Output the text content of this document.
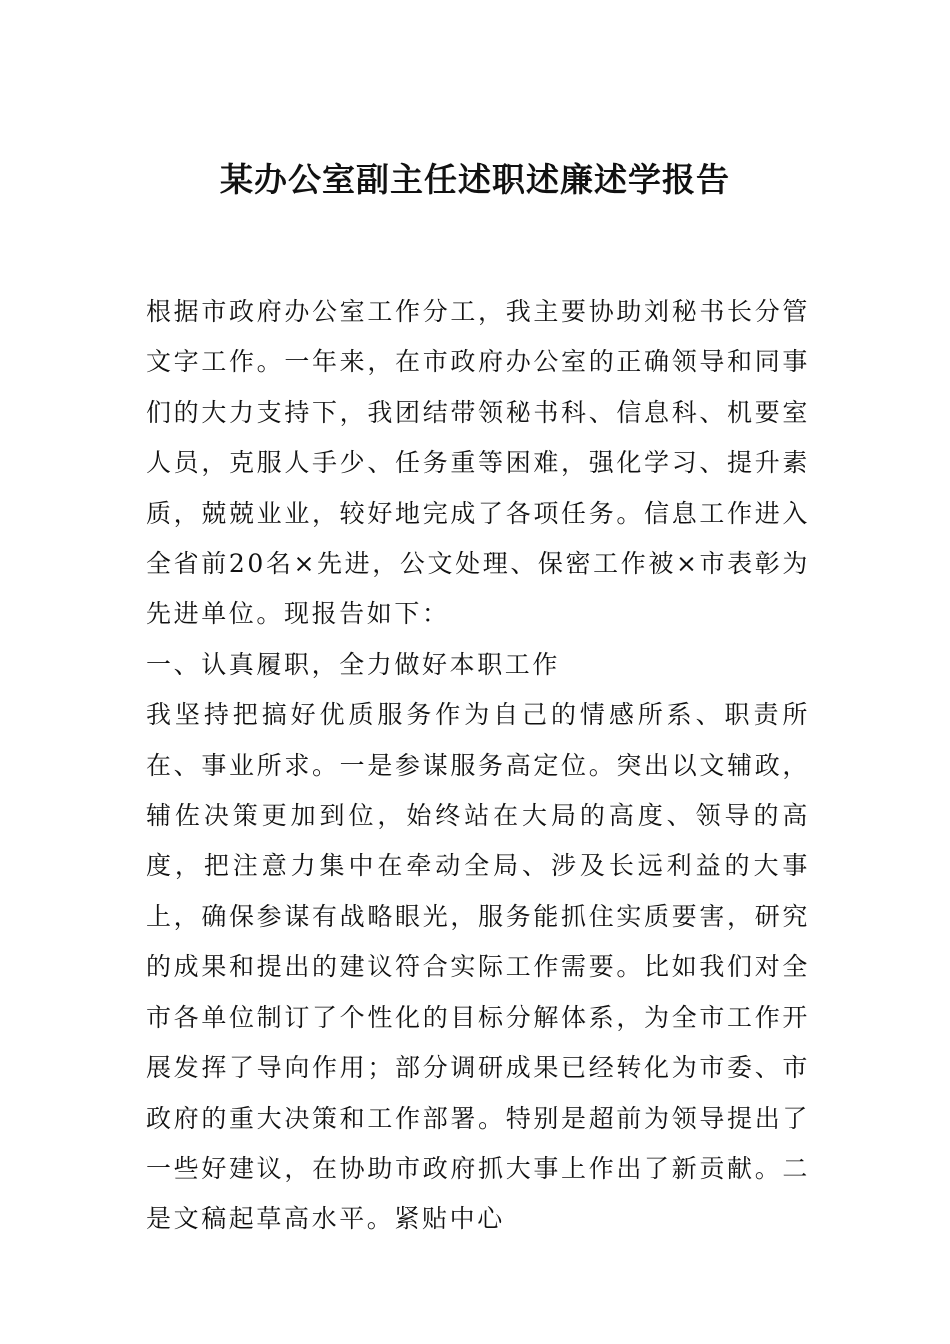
某办公室副主任述职述廉述学报告

根据市政府办公室工作分工，我主要协助刘秘书长分管文字工作。一年来，在市政府办公室的正确领导和同事们的大力支持下，我团结带领秘书科、信息科、机要室人员，克服人手少、任务重等困难，强化学习、提升素质，兢兢业业，较好地完成了各项任务。信息工作进入全省前20名×先进，公文处理、保密工作被×市表彰为先进单位。现报告如下：

一、认真履职，全力做好本职工作

我坚持把搞好优质服务作为自己的情感所系、职责所在、事业所求。一是参谋服务高定位。突出以文辅政，辅佐决策更加到位，始终站在大局的高度、领导的高度，把注意力集中在牵动全局、涉及长远利益的大事上，确保参谋有战略眼光，服务能抓住实质要害，研究的成果和提出的建议符合实际工作需要。比如我们对全市各单位制订了个性化的目标分解体系，为全市工作开展发挥了导向作用；部分调研成果已经转化为市委、市政府的重大决策和工作部署。特别是超前为领导提出了一些好建议，在协助市政府抓大事上作出了新贡献。二是文稿起草高水平。紧贴中心
